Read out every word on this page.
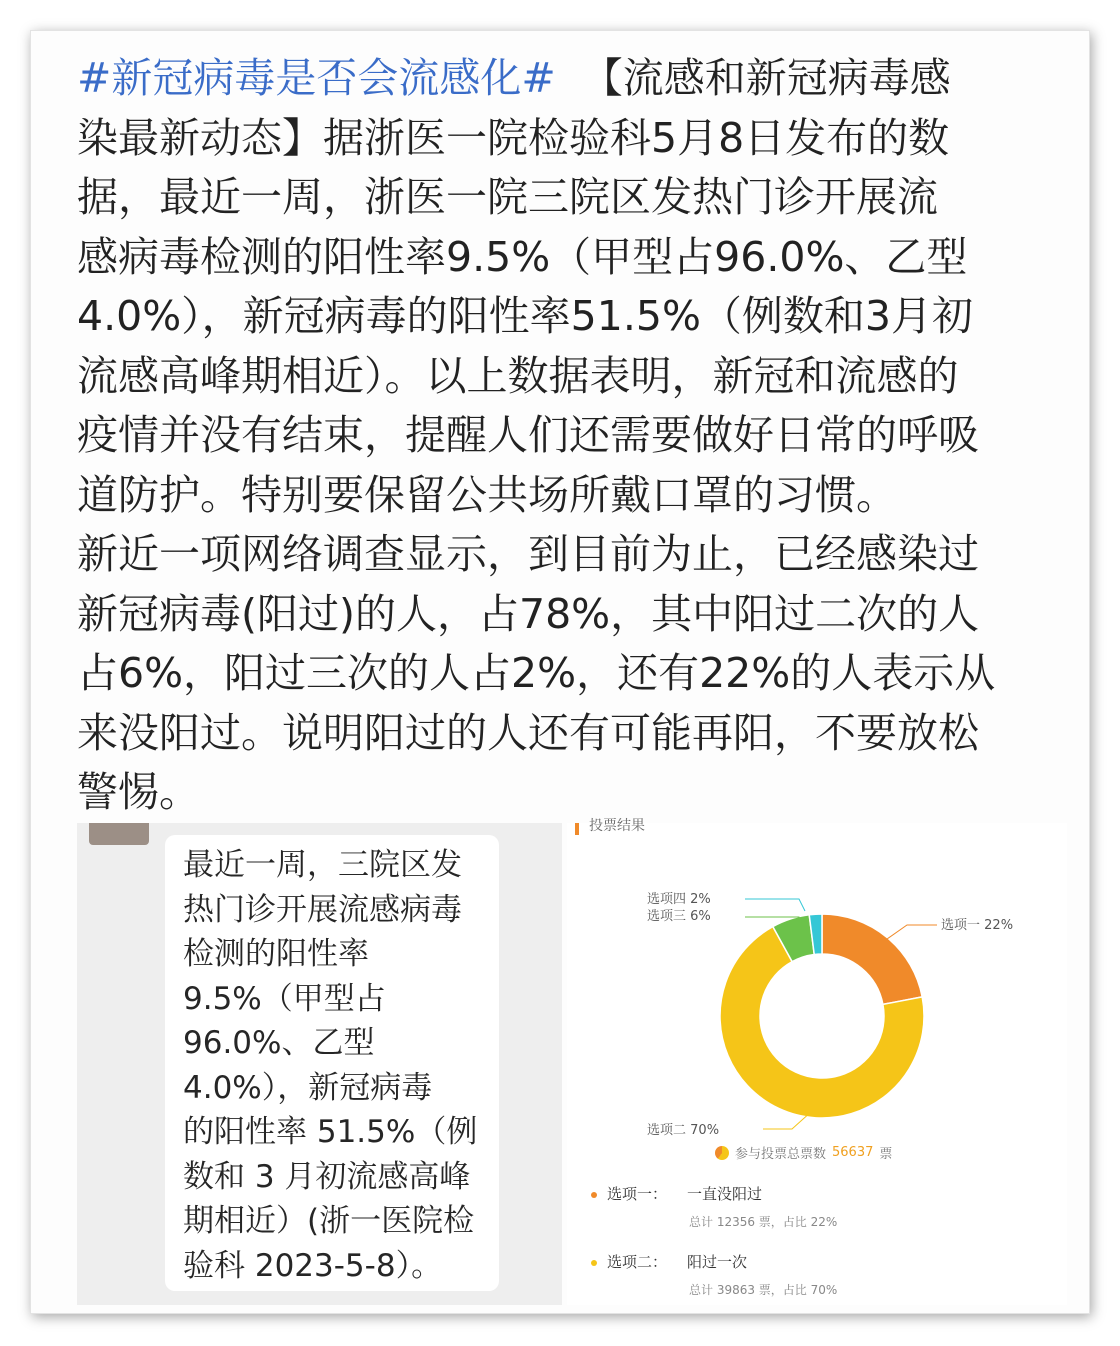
#新冠病毒是否会流感化# 【流感和新冠病毒感
染最新动态】据浙医一院检验科5月8日发布的数
据，最近一周，浙医一院三院区发热门诊开展流
感病毒检测的阳性率9.5%（甲型占96.0%、乙型
4.0%），新冠病毒的阳性率51.5%（例数和3月初
流感高峰期相近）。以上数据表明，新冠和流感的
疫情并没有结束，提醒人们还需要做好日常的呼吸
道防护。特别要保留公共场所戴口罩的习惯。
新近一项网络调查显示，到目前为止，已经感染过
新冠病毒(阳过)的人，占78%，其中阳过二次的人
占6%，阳过三次的人占2%，还有22%的人表示从
来没阳过。说明阳过的人还有可能再阳，不要放松
警惕。
最近一周，三院区发
热门诊开展流感病毒
检测的阳性率
9.5%（甲型占
96.0%、乙型
4.0%），新冠病毒
的阳性率 51.5%（例
数和 3 月初流感高峰
期相近）(浙一医院检
验科 2023-5-8）。
投票结果
选项四 2%
选项三 6%
选项一 22%
选项二 70%
参与投票总票数 56637 票
选项一： 一直没阳过
总计 12356 票，占比 22%
选项二： 阳过一次
总计 39863 票，占比 70%
